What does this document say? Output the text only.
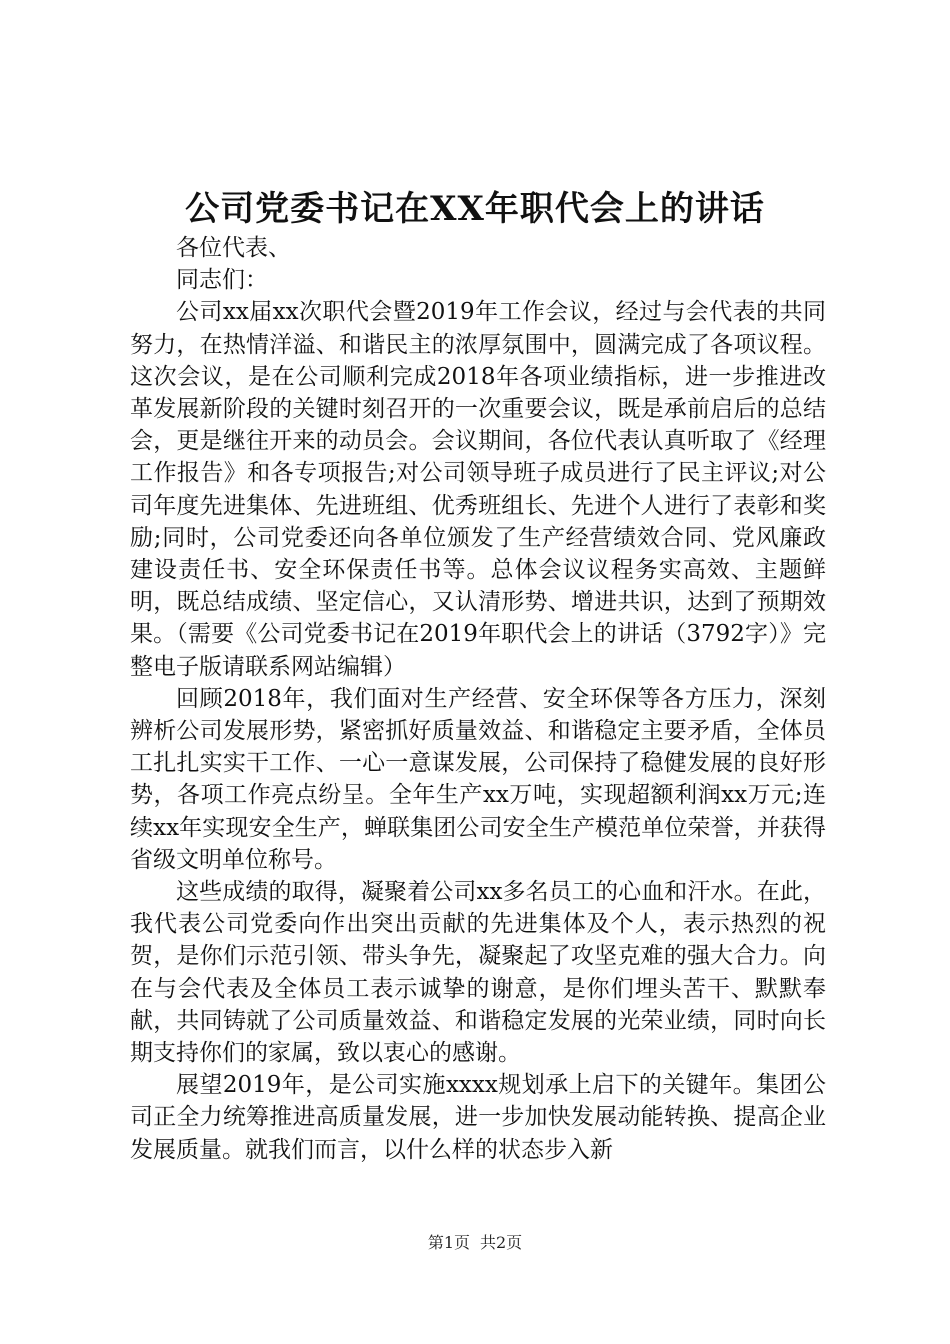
公司党委书记在XX年职代会上的讲话

各位代表、

同志们：

公司xx届xx次职代会暨2019年工作会议，经过与会代表的共同努力，在热情洋溢、和谐民主的浓厚氛围中，圆满完成了各项议程。这次会议，是在公司顺利完成2018年各项业绩指标，进一步推进改革发展新阶段的关键时刻召开的一次重要会议，既是承前启后的总结会，更是继往开来的动员会。会议期间，各位代表认真听取了《经理工作报告》和各专项报告;对公司领导班子成员进行了民主评议;对公司年度先进集体、先进班组、优秀班组长、先进个人进行了表彰和奖励;同时，公司党委还向各单位颁发了生产经营绩效合同、党风廉政建设责任书、安全环保责任书等。总体会议议程务实高效、主题鲜明，既总结成绩、坚定信心，又认清形势、增进共识，达到了预期效果。（需要《公司党委书记在2019年职代会上的讲话（3792字）》完整电子版请联系网站编辑）

回顾2018年，我们面对生产经营、安全环保等各方压力，深刻辨析公司发展形势，紧密抓好质量效益、和谐稳定主要矛盾，全体员工扎扎实实干工作、一心一意谋发展，公司保持了稳健发展的良好形势，各项工作亮点纷呈。全年生产xx万吨，实现超额利润xx万元;连续xx年实现安全生产，蝉联集团公司安全生产模范单位荣誉，并获得省级文明单位称号。

这些成绩的取得，凝聚着公司xx多名员工的心血和汗水。在此，我代表公司党委向作出突出贡献的先进集体及个人，表示热烈的祝贺，是你们示范引领、带头争先，凝聚起了攻坚克难的强大合力。向在与会代表及全体员工表示诚挚的谢意，是你们埋头苦干、默默奉献，共同铸就了公司质量效益、和谐稳定发展的光荣业绩，同时向长期支持你们的家属，致以衷心的感谢。

展望2019年，是公司实施xxxx规划承上启下的关键年。集团公司正全力统筹推进高质量发展，进一步加快发展动能转换、提高企业发展质量。就我们而言，以什么样的状态步入新

第1页 共2页
